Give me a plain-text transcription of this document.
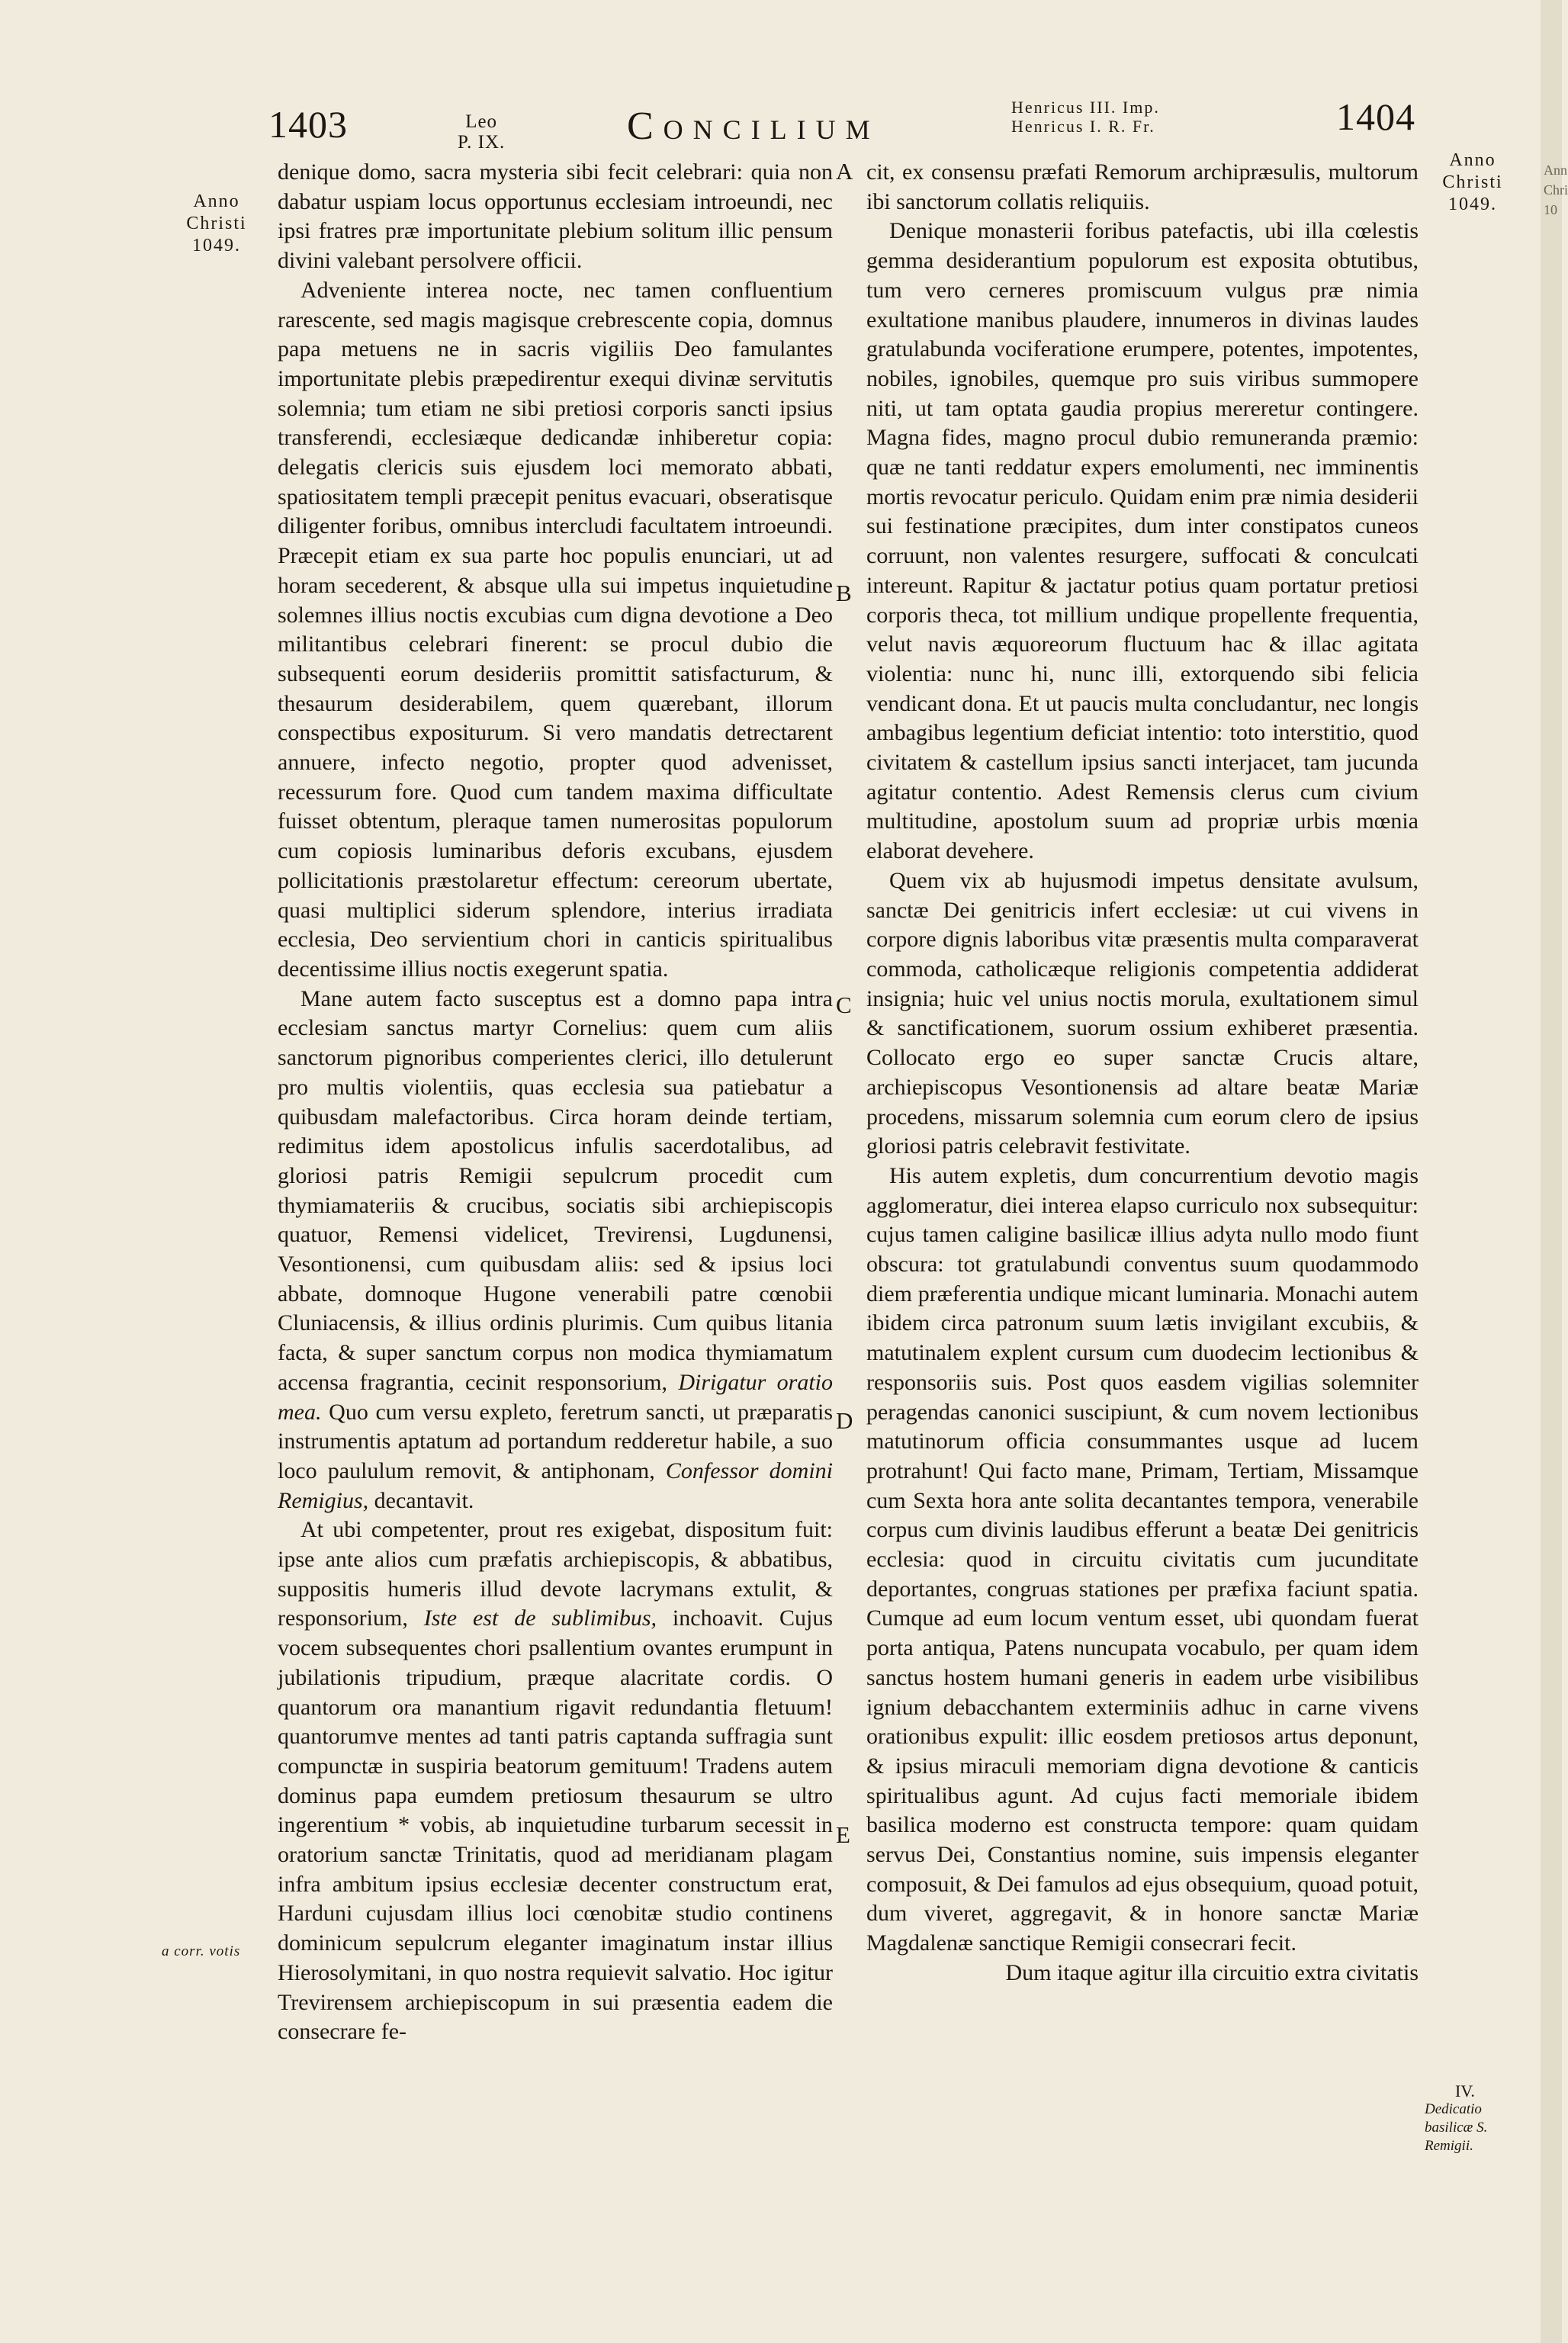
1403	Leo
P. IX.	Concilium	Henricus III. Imp.
Henricus I. R. Fr.	1404
Anno
Christi
1049.
Anno
Christi
1049.
a corr. votis
IV.
Dedicatio
basilicæ S.
Remigii.
A
B
C
D
E

denique domo, sacra mysteria sibi fecit celebrari: quia non dabatur uspiam locus opportunus ecclesiam introeundi, nec ipsi fratres præ importunitate plebium solitum illic pensum divini valebant persolvere officii.

Adveniente interea nocte, nec tamen confluentium rarescente, sed magis magisque crebrescente copia, domnus papa metuens ne in sacris vigiliis Deo famulantes importunitate plebis præpedirentur exequi divinæ servitutis solemnia; tum etiam ne sibi pretiosi corporis sancti ipsius transferendi, ecclesiæque dedicandæ inhiberetur copia: delegatis clericis suis ejusdem loci memorato abbati, spatiositatem templi præcepit penitus evacuari, obseratisque diligenter foribus, omnibus intercludi facultatem introeundi. Præcepit etiam ex sua parte hoc populis enunciari, ut ad horam secederent, & absque ulla sui impetus inquietudine solemnes illius noctis excubias cum digna devotione a Deo militantibus celebrari finerent: se procul dubio die subsequenti eorum desideriis promittit satisfacturum, & thesaurum desiderabilem, quem quærebant, illorum conspectibus expositurum. Si vero mandatis detrectarent annuere, infecto negotio, propter quod advenisset, recessurum fore. Quod cum tandem maxima difficultate fuisset obtentum, pleraque tamen numerositas populorum cum copiosis luminaribus deforis excubans, ejusdem pollicitationis præstolaretur effectum: cereorum ubertate, quasi multiplici siderum splendore, interius irradiata ecclesia, Deo servientium chori in canticis spiritualibus decentissime illius noctis exegerunt spatia.

Mane autem facto susceptus est a domno papa intra ecclesiam sanctus martyr Cornelius: quem cum aliis sanctorum pignoribus comperientes clerici, illo detulerunt pro multis violentiis, quas ecclesia sua patiebatur a quibusdam malefactoribus. Circa horam deinde tertiam, redimitus idem apostolicus infulis sacerdotalibus, ad gloriosi patris Remigii sepulcrum procedit cum thymiamateriis & crucibus, sociatis sibi archiepiscopis quatuor, Remensi videlicet, Trevirensi, Lugdunensi, Vesontionensi, cum quibusdam aliis: sed & ipsius loci abbate, domnoque Hugone venerabili patre cœnobii Cluniacensis, & illius ordinis plurimis. Cum quibus litania facta, & super sanctum corpus non modica thymiamatum accensa fragrantia, cecinit responsorium, Dirigatur oratio mea. Quo cum versu expleto, feretrum sancti, ut præparatis instrumentis aptatum ad portandum redderetur habile, a suo loco paululum removit, & antiphonam, Confessor domini Remigius, decantavit.

At ubi competenter, prout res exigebat, dispositum fuit: ipse ante alios cum præfatis archiepiscopis, & abbatibus, suppositis humeris illud devote lacrymans extulit, & responsorium, Iste est de sublimibus, inchoavit. Cujus vocem subsequentes chori psallentium ovantes erumpunt in jubilationis tripudium, præque alacritate cordis. O quantorum ora manantium rigavit redundantia fletuum! quantorumve mentes ad tanti patris captanda suffragia sunt compunctæ in suspiria beatorum gemituum! Tradens autem dominus papa eumdem pretiosum thesaurum se ultro ingerentium * vobis, ab inquietudine turbarum secessit in oratorium sanctæ Trinitatis, quod ad meridianam plagam infra ambitum ipsius ecclesiæ decenter constructum erat, Harduni cujusdam illius loci cœnobitæ studio continens dominicum sepulcrum eleganter imaginatum instar illius Hierosolymitani, in quo nostra requievit salvatio. Hoc igitur Trevirensem archiepiscopum in sui præsentia eadem die consecrare fe-

cit, ex consensu præfati Remorum archipræsulis, multorum ibi sanctorum collatis reliquiis.

Denique monasterii foribus patefactis, ubi illa cœlestis gemma desiderantium populorum est exposita obtutibus, tum vero cerneres promiscuum vulgus præ nimia exultatione manibus plaudere, innumeros in divinas laudes gratulabunda vociferatione erumpere, potentes, impotentes, nobiles, ignobiles, quemque pro suis viribus summopere niti, ut tam optata gaudia propius mereretur contingere. Magna fides, magno procul dubio remuneranda præmio: quæ ne tanti reddatur expers emolumenti, nec imminentis mortis revocatur periculo. Quidam enim præ nimia desiderii sui festinatione præcipites, dum inter constipatos cuneos corruunt, non valentes resurgere, suffocati & conculcati intereunt. Rapitur & jactatur potius quam portatur pretiosi corporis theca, tot millium undique propellente frequentia, velut navis æquoreorum fluctuum hac & illac agitata violentia: nunc hi, nunc illi, extorquendo sibi felicia vendicant dona. Et ut paucis multa concludantur, nec longis ambagibus legentium deficiat intentio: toto interstitio, quod civitatem & castellum ipsius sancti interjacet, tam jucunda agitatur contentio. Adest Remensis clerus cum civium multitudine, apostolum suum ad propriæ urbis mœnia elaborat devehere.

Quem vix ab hujusmodi impetus densitate avulsum, sanctæ Dei genitricis infert ecclesiæ: ut cui vivens in corpore dignis laboribus vitæ præsentis multa comparaverat commoda, catholicæque religionis competentia addiderat insignia; huic vel unius noctis morula, exultationem simul & sanctificationem, suorum ossium exhiberet præsentia. Collocato ergo eo super sanctæ Crucis altare, archiepiscopus Vesontionensis ad altare beatæ Mariæ procedens, missarum solemnia cum eorum clero de ipsius gloriosi patris celebravit festivitate.

His autem expletis, dum concurrentium devotio magis agglomeratur, diei interea elapso curriculo nox subsequitur: cujus tamen caligine basilicæ illius adyta nullo modo fiunt obscura: tot gratulabundi conventus suum quodammodo diem præferentia undique micant luminaria. Monachi autem ibidem circa patronum suum lætis invigilant excubiis, & matutinalem explent cursum cum duodecim lectionibus & responsoriis suis. Post quos easdem vigilias solemniter peragendas canonici suscipiunt, & cum novem lectionibus matutinorum officia consummantes usque ad lucem protrahunt! Qui facto mane, Primam, Tertiam, Missamque cum Sexta hora ante solita decantantes tempora, venerabile corpus cum divinis laudibus efferunt a beatæ Dei genitricis ecclesia: quod in circuitu civitatis cum jucunditate deportantes, congruas stationes per præfixa faciunt spatia. Cumque ad eum locum ventum esset, ubi quondam fuerat porta antiqua, Patens nuncupata vocabulo, per quam idem sanctus hostem humani generis in eadem urbe visibilibus ignium debacchantem exterminiis adhuc in carne vivens orationibus expulit: illic eosdem pretiosos artus deponunt, & ipsius miraculi memoriam digna devotione & canticis spiritualibus agunt. Ad cujus facti memoriale ibidem basilica moderno est constructa tempore: quam quidam servus Dei, Constantius nomine, suis impensis eleganter composuit, & Dei famulos ad ejus obsequium, quoad potuit, dum viveret, aggregavit, & in honore sanctæ Mariæ Magdalenæ sanctique Remigii consecrari fecit.

Dum itaque agitur illa circuitio extra civitatis

Ann
Chri
10
